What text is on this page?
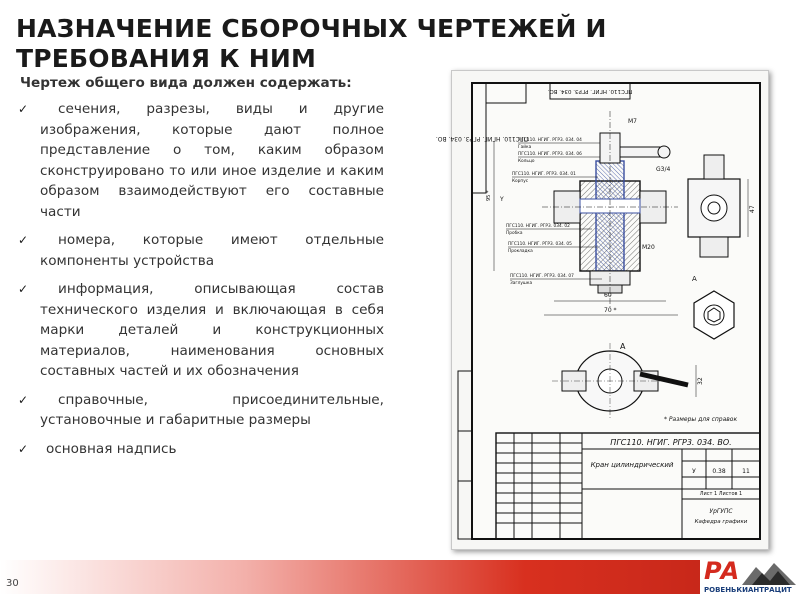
НАЗНАЧЕНИЕ СБОРОЧНЫХ ЧЕРТЕЖЕЙ И ТРЕБОВАНИЯ К НИМ

Чертеж общего вида должен содержать:

✓ сечения, разрезы, виды и другие изображения, которые дают полное представление о том, каким образом сконструировано то или иное изделие и каким образом взаимодействуют его составные части
✓ номера, которые имеют отдельные компоненты устройства
✓ информация, описывающая состав технического изделия и включающая в себя марки деталей и конструкционных материалов, наименования основных составных частей и их обозначения
✓ справочные, присоединительные, установочные и габаритные размеры
✓ основная надпись
ПГС110. НГИГ. РГР3. 034. ВО.
ПГС110. НГИГ. РГР3. 034. ВО.
ПГС110. НГИГ. РГР3. 034. 04
Гайка
ПГС110. НГИГ. РГР3. 034. 06
Кольцо
ПГС110. НГИГ. РГР3. 034. 01
Корпус
ПГС110. НГИГ. РГР3. 034. 02
Пробка
ПГС110. НГИГ. РГР3. 034. 05
Прокладка
ПГС110. НГИГ. РГР3. 034. 07
Заглушка
60
70 *
M7
G3/4
M20
Y
95 *
47
A
A
32
* Размеры для справок
ПГС110. НГИГ. РГР3. 034. ВО.
Кран цилиндрический
У	0.38	11
Лист 1 Листов 1
УрГУПС
Кафедра графики
30	РА
РОВЕНЬКИАНТРАЦИТ
